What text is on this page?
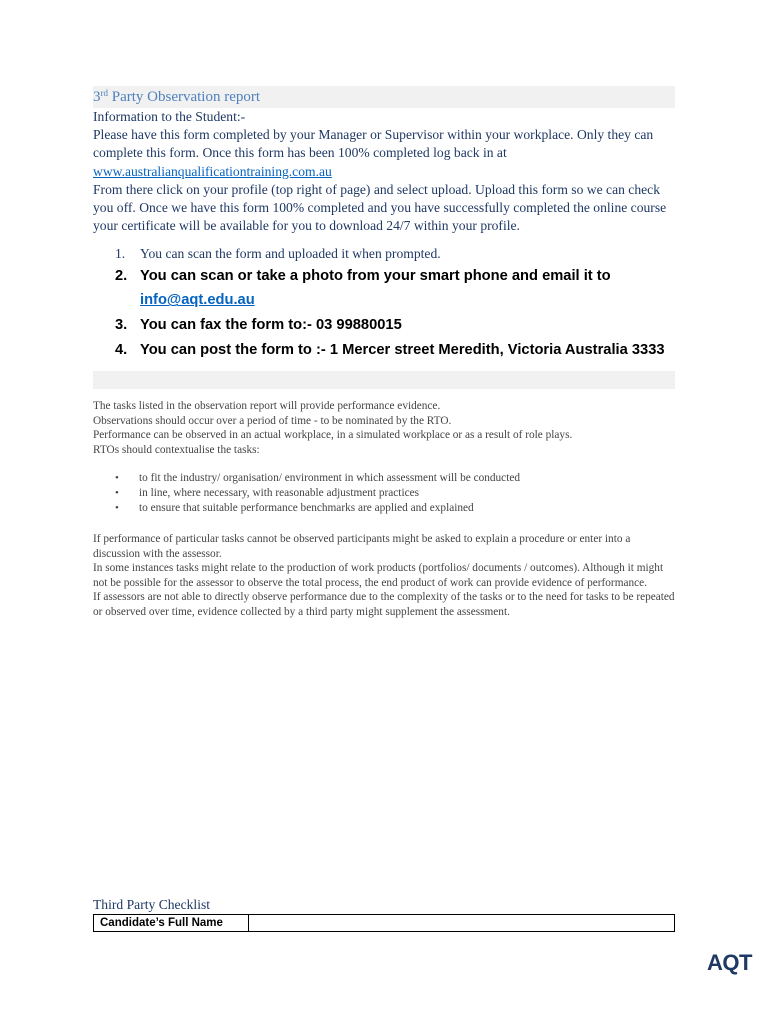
3rd Party Observation report

Information to the Student:-

Please have this form completed by your Manager or Supervisor within your workplace. Only they can complete this form. Once this form has been 100% completed log back in at www.australianqualificationtraining.com.au

From there click on your profile (top right of page) and select upload. Upload this form so we can check you off. Once we have this form 100% completed and you have successfully completed the online course your certificate will be available for you to download 24/7 within your profile.

1. You can scan the form and uploaded it when prompted.
2. You can scan or take a photo from your smart phone and email it to info@aqt.edu.au
3. You can fax the form to:- 03 99880015
4. You can post the form to :- 1 Mercer street Meredith, Victoria Australia 3333

The tasks listed in the observation report will provide performance evidence.

Observations should occur over a period of time - to be nominated by the RTO.

Performance can be observed in an actual workplace, in a simulated workplace or as a result of role plays.

RTOs should contextualise the tasks:

• to fit the industry/ organisation/ environment in which assessment will be conducted
• in line, where necessary, with reasonable adjustment practices
• to ensure that suitable performance benchmarks are applied and explained

If performance of particular tasks cannot be observed participants might be asked to explain a procedure or enter into a discussion with the assessor.

In some instances tasks might relate to the production of work products (portfolios/ documents / outcomes). Although it might not be possible for the assessor to observe the total process, the end product of work can provide evidence of performance.

If assessors are not able to directly observe performance due to the complexity of the tasks or to the need for tasks to be repeated or observed over time, evidence collected by a third party might supplement the assessment.

Third Party Checklist
Candidate’s Full Name	
AQT
